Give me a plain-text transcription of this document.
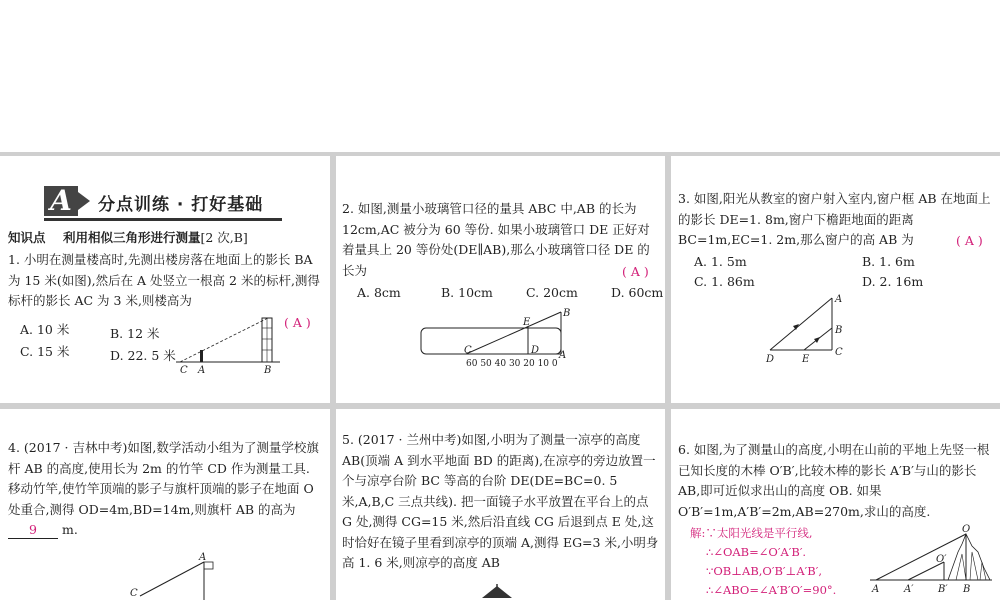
A	分点训练 · 打好基础
知识点 利用相似三角形进行测量[2 次,B]

1. 小明在测量楼高时,先测出楼房落在地面上的影长 BA 为 15 米(如图),然后在 A 处竖立一根高 2 米的标杆,测得标杆的影长 AC 为 3 米,则楼高为

A. 10 米	B. 12 米
C. 15 米	D. 22. 5 米
( A )
C A	B

2. 如图,测量小玻璃管口径的量具 ABC 中,AB 的长为 12cm,AC 被分为 60 等份. 如果小玻璃管口 DE 正好对着量具上 20 等份处(DE∥AB),那么小玻璃管口径 DE 的长为	( A )
A. 8cm	B. 10cm	C. 20cm	D. 60cm
B
E
C	D A
60 50 40 30 20 10 0

3. 如图,阳光从教室的窗户射入室内,窗户框 AB 在地面上的影长 DE=1. 8m,窗户下檐距地面的距离 BC=1m,EC=1. 2m,那么窗户的高 AB 为	( A )
A. 1. 5m	B. 1. 6m
C. 1. 86m	D. 2. 16m
A
B
D	E
C

4. (2017 · 吉林中考)如图,数学活动小组为了测量学校旗杆 AB 的高度,使用长为 2m 的竹竿 CD 作为测量工具. 移动竹竿,使竹竿顶端的影子与旗杆顶端的影子在地面 O 处重合,测得 OD=4m,BD=14m,则旗杆 AB 的高为9 m.

A
C

5. (2017 · 兰州中考)如图,小明为了测量一凉亭的高度 AB(顶端 A 到水平地面 BD 的距离),在凉亭的旁边放置一个与凉亭台阶 BC 等高的台阶 DE(DE=BC=0. 5 米,A,B,C 三点共线). 把一面镜子水平放置在平台上的点 G 处,测得 CG=15 米,然后沿直线 CG 后退到点 E 处,这时恰好在镜子里看到凉亭的顶端 A,测得 EG=3 米,小明身高 1. 6 米,则凉亭的高度 AB

6. 如图,为了测量山的高度,小明在山前的平地上先竖一根已知长度的木棒 O′B′,比较木棒的影长 A′B′与山的影长 AB,即可近似求出山的高度 OB. 如果 O′B′=1m,A′B′=2m,AB=270m,求山的高度.

解:∵太阳光线是平行线,
∴∠OAB=∠O′A′B′.
∵OB⊥AB,O′B′⊥A′B′,
∴∠ABO=∠A′B′O′=90°.
O
O′
A A′ B′ B
